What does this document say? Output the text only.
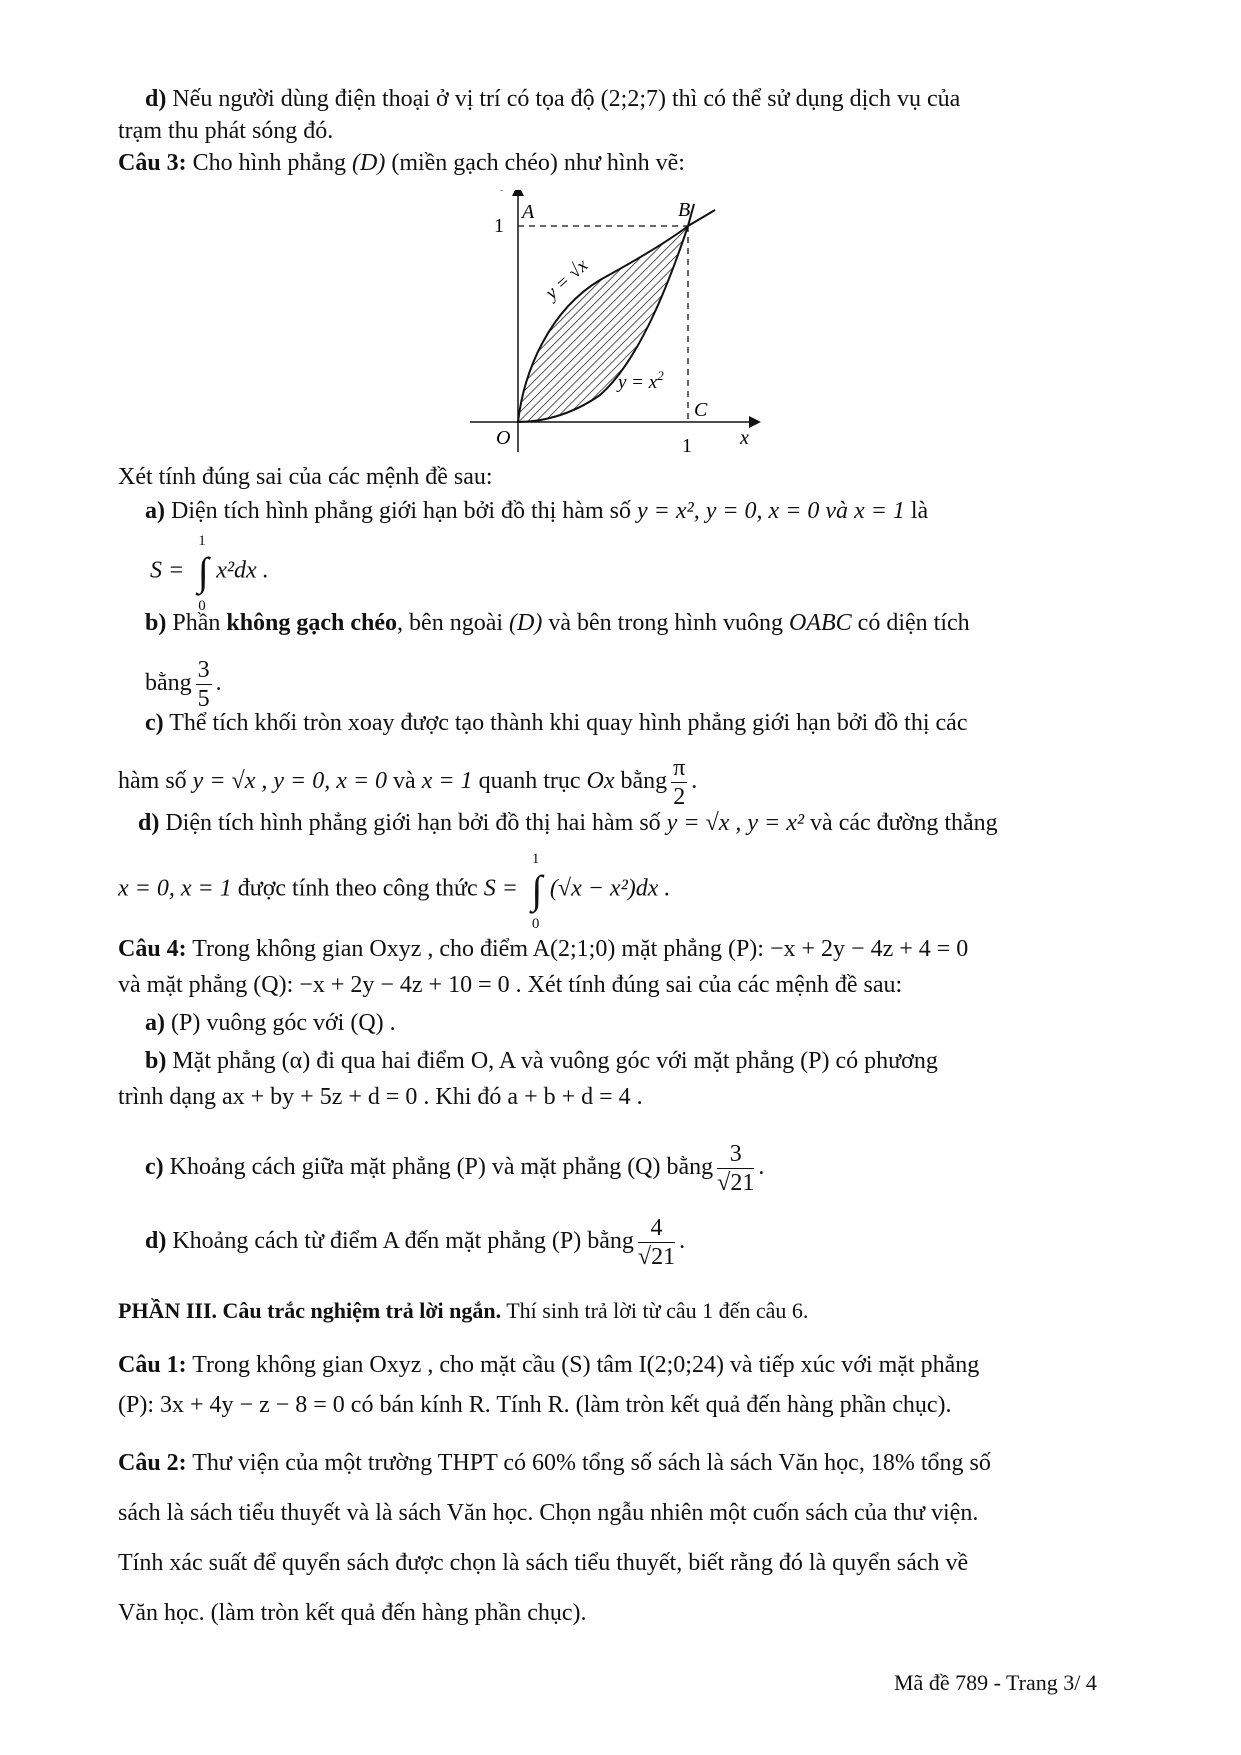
d) Nếu người dùng điện thoại ở vị trí có tọa độ (2;2;7) thì có thể sử dụng dịch vụ của
trạm thu phát sóng đó.
Câu 3: Cho hình phẳng (D) (miền gạch chéo) như hình vẽ:
x
A	B
O
C
1
1
y = √x
$y = x^2$
Xét tính đúng sai của các mệnh đề sau:
a) Diện tích hình phẳng giới hạn bởi đồ thị hàm số y = x², y = 0, x = 0 và x = 1 là
S =
1
∫
0
x²dx .
b) Phần không gạch chéo, bên ngoài (D) và bên trong hình vuông OABC có diện tích
bằng $\frac{3}{5}$ .
c) Thể tích khối tròn xoay được tạo thành khi quay hình phẳng giới hạn bởi đồ thị các
hàm số y = √x , y = 0, x = 0 và x = 1 quanh trục Ox bằng $\frac{\pi}{2}$ .
d) Diện tích hình phẳng giới hạn bởi đồ thị hai hàm số y = √x , y = x² và các đường thẳng
x = 0, x = 1 được tính theo công thức S =
1
∫
0
(√x − x²)dx .
Câu 4: Trong không gian Oxyz , cho điểm A(2;1;0) mặt phẳng (P): −x + 2y − 4z + 4 = 0
và mặt phẳng (Q): −x + 2y − 4z + 10 = 0 . Xét tính đúng sai của các mệnh đề sau:
a) (P) vuông góc với (Q) .
b) Mặt phẳng (α) đi qua hai điểm O, A và vuông góc với mặt phẳng (P) có phương
trình dạng ax + by + 5z + d = 0 . Khi đó a + b + d = 4 .
c) Khoảng cách giữa mặt phẳng (P) và mặt phẳng (Q) bằng $\frac{3}{√21}$ .
d) Khoảng cách từ điểm A đến mặt phẳng (P) bằng $\frac{4}{√21}$ .
PHẦN III. Câu trắc nghiệm trả lời ngắn. Thí sinh trả lời từ câu 1 đến câu 6.
Câu 1: Trong không gian Oxyz , cho mặt cầu (S) tâm I(2;0;24) và tiếp xúc với mặt phẳng
(P): 3x + 4y − z − 8 = 0 có bán kính R. Tính R. (làm tròn kết quả đến hàng phần chục).
Câu 2: Thư viện của một trường THPT có 60% tổng số sách là sách Văn học, 18% tổng số
sách là sách tiểu thuyết và là sách Văn học. Chọn ngẫu nhiên một cuốn sách của thư viện.
Tính xác suất để quyển sách được chọn là sách tiểu thuyết, biết rằng đó là quyển sách về
Văn học. (làm tròn kết quả đến hàng phần chục).
Mã đề 789 - Trang 3/ 4
